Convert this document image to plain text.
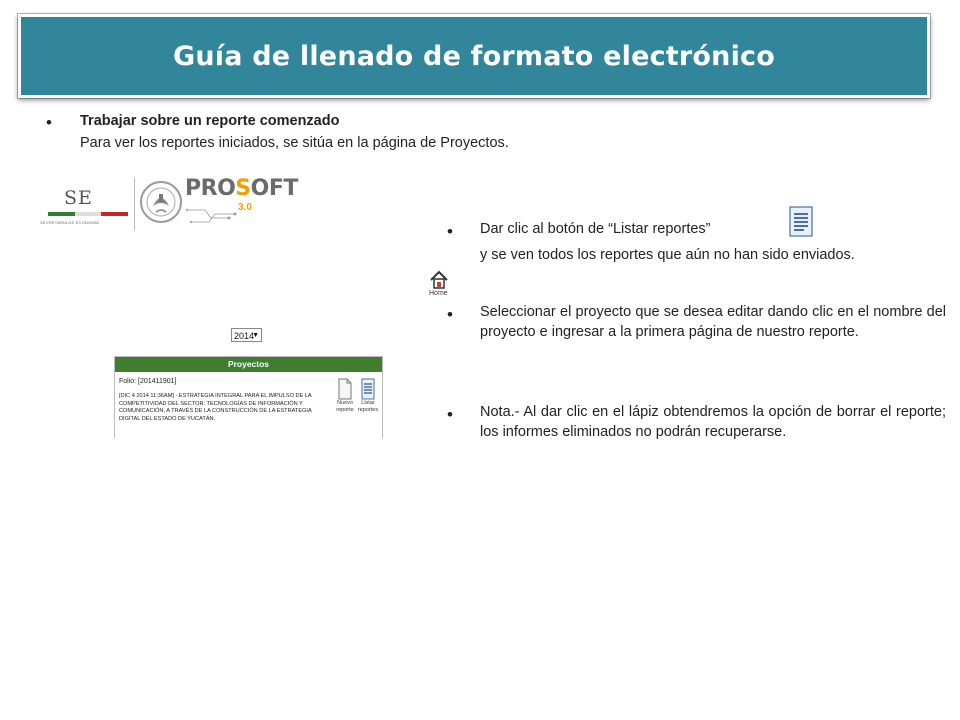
Guía de llenado de formato electrónico
• Trabajar sobre un reporte comenzado
Para ver los reportes iniciados, se sitúa en la página de Proyectos.
SE
SECRETARÍA DE ECONOMÍA
PROSOFT
3.0
• Dar clic al botón de “Listar reportes”
y se ven todos los reportes que aún no han sido enviados.
Home
• Seleccionar el proyecto que se desea editar dando clic en el nombre del proyecto e ingresar a la primera página de nuestro reporte.
• Nota.- Al dar clic en el lápiz obtendremos la opción de borrar el reporte; los informes eliminados no podrán recuperarse.
2014
▼
Proyectos
Folio: [201411901]
[DIC 4 2014 11:36AM] - ESTRATEGIA INTEGRAL PARA EL IMPULSO DE LA COMPETITIVIDAD DEL SECTOR: TECNOLOGÍAS DE INFORMACIÓN Y COMUNICACIÓN, A TRAVÉS DE LA CONSTRUCCIÓN DE LA ESTRATEGIA DIGITAL DEL ESTADO DE YUCATÁN.
Nuevo
reporte
Listar
reportes
